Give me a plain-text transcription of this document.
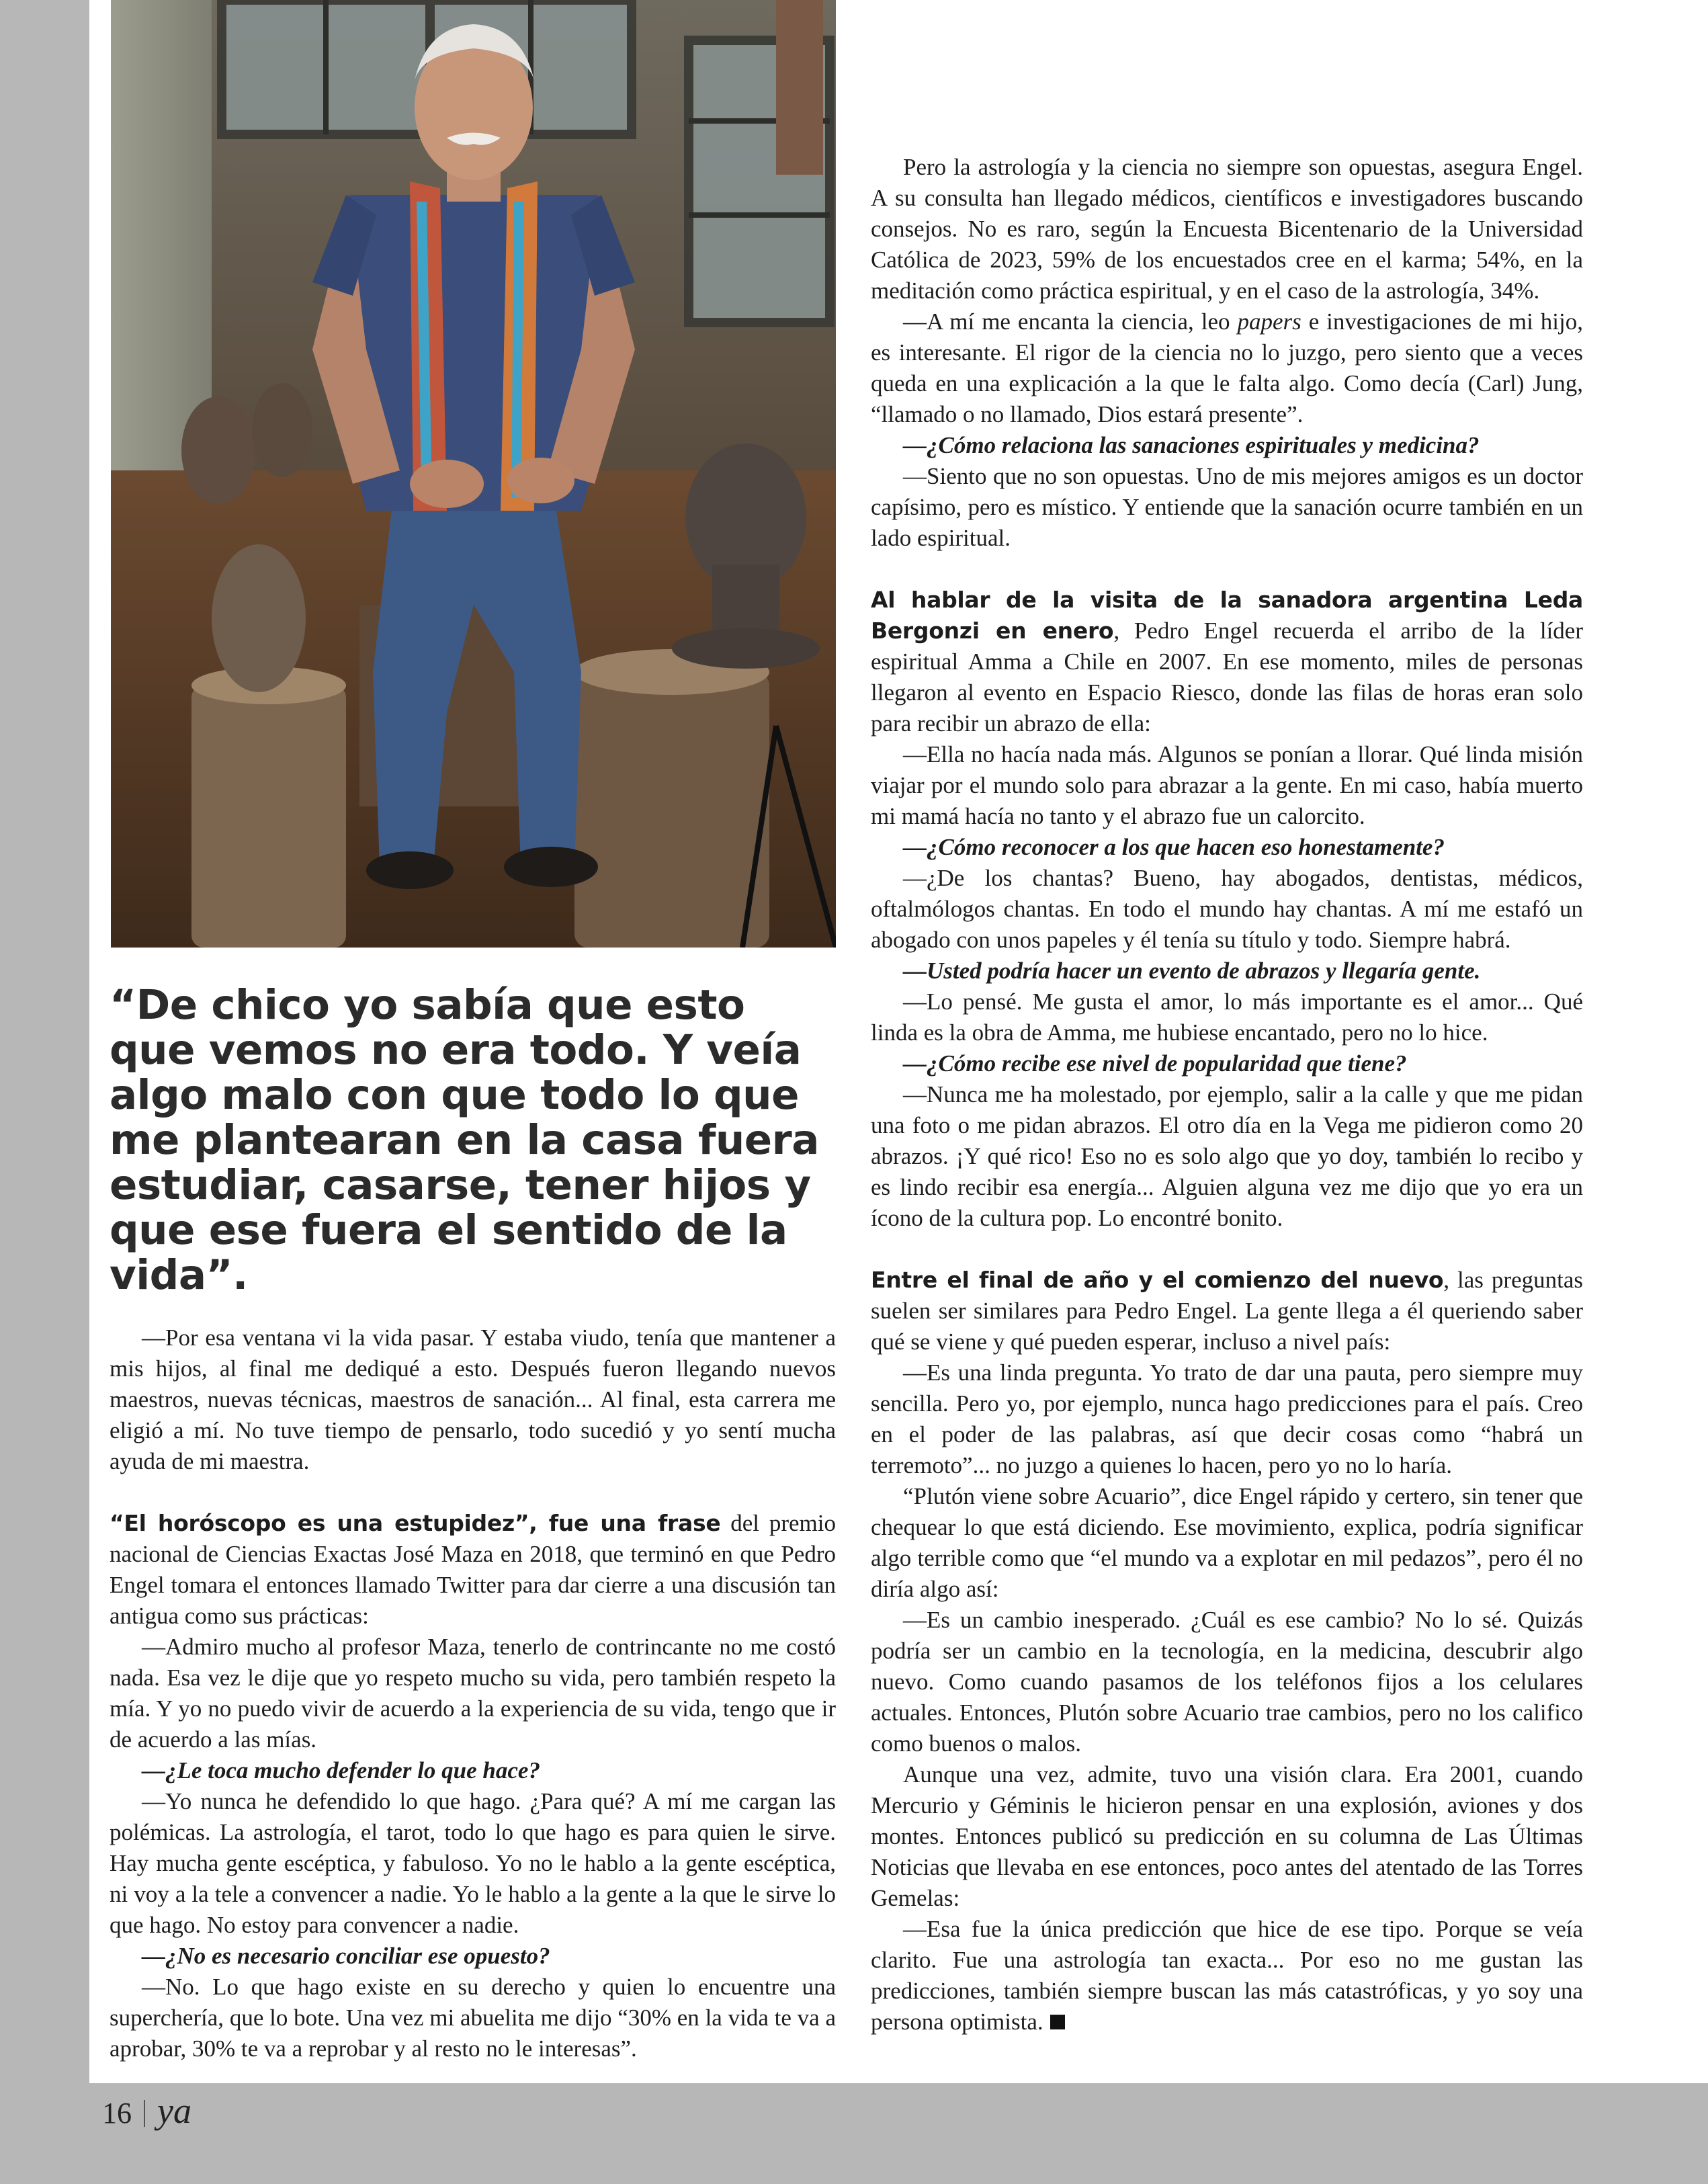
“De chico yo sabía que esto que vemos no era todo. Y veía algo malo con que todo lo que me plantearan en la casa fuera estudiar, casarse, tener hijos y que ese fuera el sentido de la vida”.

—Por esa ventana vi la vida pasar. Y estaba viudo, tenía que mantener a mis hijos, al final me dediqué a esto. Después fueron llegando nuevos maestros, nuevas técnicas, maestros de sanación... Al final, esta carrera me eligió a mí. No tuve tiempo de pensarlo, todo sucedió y yo sentí mucha ayuda de mi maestra.

“El horóscopo es una estupidez”, fue una frase del premio nacional de Ciencias Exactas José Maza en 2018, que terminó en que Pedro Engel tomara el entonces llamado Twitter para dar cierre a una discusión tan antigua como sus prácticas:

—Admiro mucho al profesor Maza, tenerlo de contrincante no me costó nada. Esa vez le dije que yo respeto mucho su vida, pero también respeto la mía. Y yo no puedo vivir de acuerdo a la experiencia de su vida, tengo que ir de acuerdo a las mías.

—¿Le toca mucho defender lo que hace?

—Yo nunca he defendido lo que hago. ¿Para qué? A mí me cargan las polémicas. La astrología, el tarot, todo lo que hago es para quien le sirve. Hay mucha gente escéptica, y fabuloso. Yo no le hablo a la gente escéptica, ni voy a la tele a convencer a nadie. Yo le hablo a la gente a la que le sirve lo que hago. No estoy para convencer a nadie.

—¿No es necesario conciliar ese opuesto?

—No. Lo que hago existe en su derecho y quien lo encuentre una superchería, que lo bote. Una vez mi abuelita me dijo “30% en la vida te va a aprobar, 30% te va a reprobar y al resto no le interesas”.

Pero la astrología y la ciencia no siempre son opuestas, asegura Engel. A su consulta han llegado médicos, científicos e investigadores buscando consejos. No es raro, según la Encuesta Bicentenario de la Universidad Católica de 2023, 59% de los encuestados cree en el karma; 54%, en la meditación como práctica espiritual, y en el caso de la astrología, 34%.

—A mí me encanta la ciencia, leo papers e investigaciones de mi hijo, es interesante. El rigor de la ciencia no lo juzgo, pero siento que a veces queda en una explicación a la que le falta algo. Como decía (Carl) Jung, “llamado o no llamado, Dios estará presente”.

—¿Cómo relaciona las sanaciones espirituales y medicina?

—Siento que no son opuestas. Uno de mis mejores amigos es un doctor capísimo, pero es místico. Y entiende que la sanación ocurre también en un lado espiritual.

Al hablar de la visita de la sanadora argentina Leda Bergonzi en enero, Pedro Engel recuerda el arribo de la líder espiritual Amma a Chile en 2007. En ese momento, miles de personas llegaron al evento en Espacio Riesco, donde las filas de horas eran solo para recibir un abrazo de ella:

—Ella no hacía nada más. Algunos se ponían a llorar. Qué linda misión viajar por el mundo solo para abrazar a la gente. En mi caso, había muerto mi mamá hacía no tanto y el abrazo fue un calorcito.

—¿Cómo reconocer a los que hacen eso honestamente?

—¿De los chantas? Bueno, hay abogados, dentistas, médicos, oftalmólogos chantas. En todo el mundo hay chantas. A mí me estafó un abogado con unos papeles y él tenía su título y todo. Siempre habrá.

—Usted podría hacer un evento de abrazos y llegaría gente.

—Lo pensé. Me gusta el amor, lo más importante es el amor... Qué linda es la obra de Amma, me hubiese encantado, pero no lo hice.

—¿Cómo recibe ese nivel de popularidad que tiene?

—Nunca me ha molestado, por ejemplo, salir a la calle y que me pidan una foto o me pidan abrazos. El otro día en la Vega me pidieron como 20 abrazos. ¡Y qué rico! Eso no es solo algo que yo doy, también lo recibo y es lindo recibir esa energía... Alguien alguna vez me dijo que yo era un ícono de la cultura pop. Lo encontré bonito.

Entre el final de año y el comienzo del nuevo, las preguntas suelen ser similares para Pedro Engel. La gente llega a él queriendo saber qué se viene y qué pueden esperar, incluso a nivel país:

—Es una linda pregunta. Yo trato de dar una pauta, pero siempre muy sencilla. Pero yo, por ejemplo, nunca hago predicciones para el país. Creo en el poder de las palabras, así que decir cosas como “habrá un terremoto”... no juzgo a quienes lo hacen, pero yo no lo haría.

“Plutón viene sobre Acuario”, dice Engel rápido y certero, sin tener que chequear lo que está diciendo. Ese movimiento, explica, podría significar algo terrible como que “el mundo va a explotar en mil pedazos”, pero él no diría algo así:

—Es un cambio inesperado. ¿Cuál es ese cambio? No lo sé. Quizás podría ser un cambio en la tecnología, en la medicina, descubrir algo nuevo. Como cuando pasamos de los teléfonos fijos a los celulares actuales. Entonces, Plutón sobre Acuario trae cambios, pero no los califico como buenos o malos.

Aunque una vez, admite, tuvo una visión clara. Era 2001, cuando Mercurio y Géminis le hicieron pensar en una explosión, aviones y dos montes. Entonces publicó su predicción en su columna de Las Últimas Noticias que llevaba en ese entonces, poco antes del atentado de las Torres Gemelas:

—Esa fue la única predicción que hice de ese tipo. Porque se veía clarito. Fue una astrología tan exacta... Por eso no me gustan las predicciones, también siempre buscan las más catastróficas, y yo soy una persona optimista.

16 ya
